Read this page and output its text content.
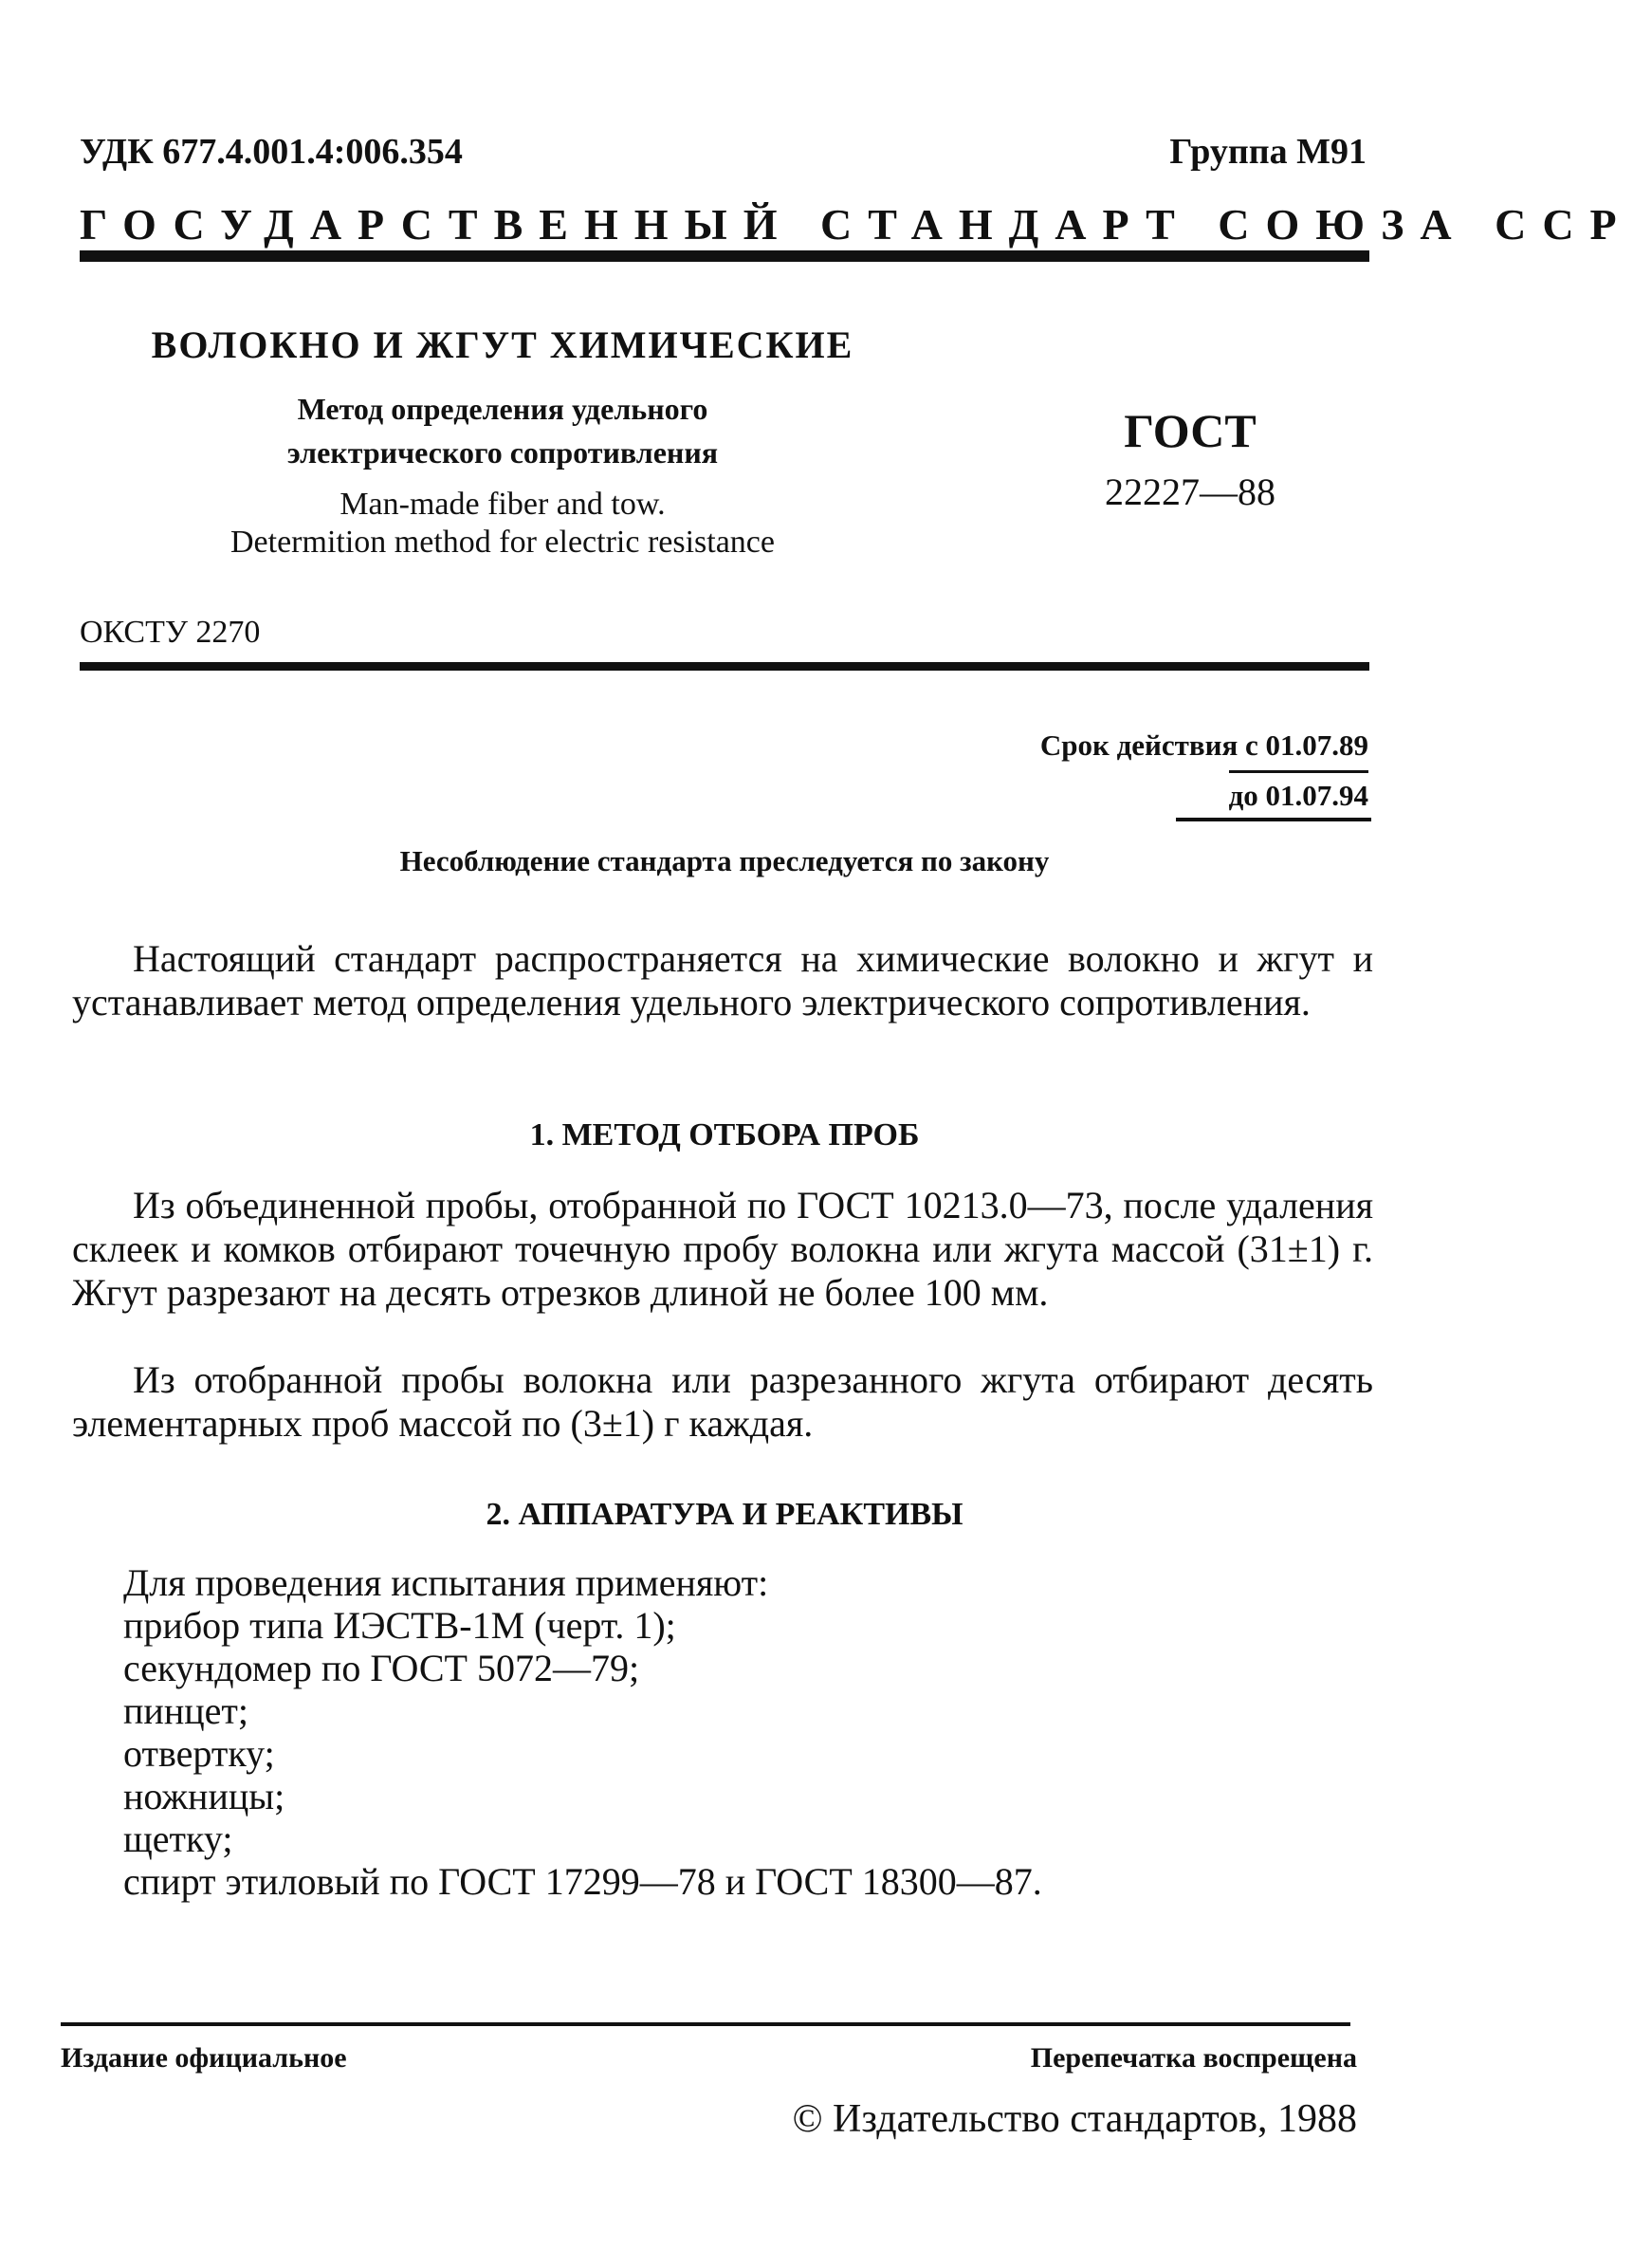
УДК 677.4.001.4:006.354	Группа М91
ГОСУДАРСТВЕННЫЙ СТАНДАРТ СОЮЗА ССР
ВОЛОКНО И ЖГУТ ХИМИЧЕСКИЕ
Метод определения удельного
электрического сопротивления
Man-made fiber and tow.
Determition method for electric resistance
ГОСТ
22227—88
ОКСТУ 2270
Срок действия с 01.07.89
до 01.07.94
Несоблюдение стандарта преследуется по закону
Настоящий стандарт распространяется на химические волокно и жгут и устанавливает метод определения удельного электрического сопротивления.
1. МЕТОД ОТБОРА ПРОБ
Из объединенной пробы, отобранной по ГОСТ 10213.0—73, после удаления склеек и комков отбирают точечную пробу волокна или жгута массой (31±1) г. Жгут разрезают на десять отрезков длиной не более 100 мм.
Из отобранной пробы волокна или разрезанного жгута отбирают десять элементарных проб массой по (3±1) г каждая.
2. АППАРАТУРА И РЕАКТИВЫ
Для проведения испытания применяют:
прибор типа ИЭСТВ-1М (черт. 1);
секундомер по ГОСТ 5072—79;
пинцет;
отвертку;
ножницы;
щетку;
спирт этиловый по ГОСТ 17299—78 и ГОСТ 18300—87.
Издание официальное	Перепечатка воспрещена
© Издательство стандартов, 1988
